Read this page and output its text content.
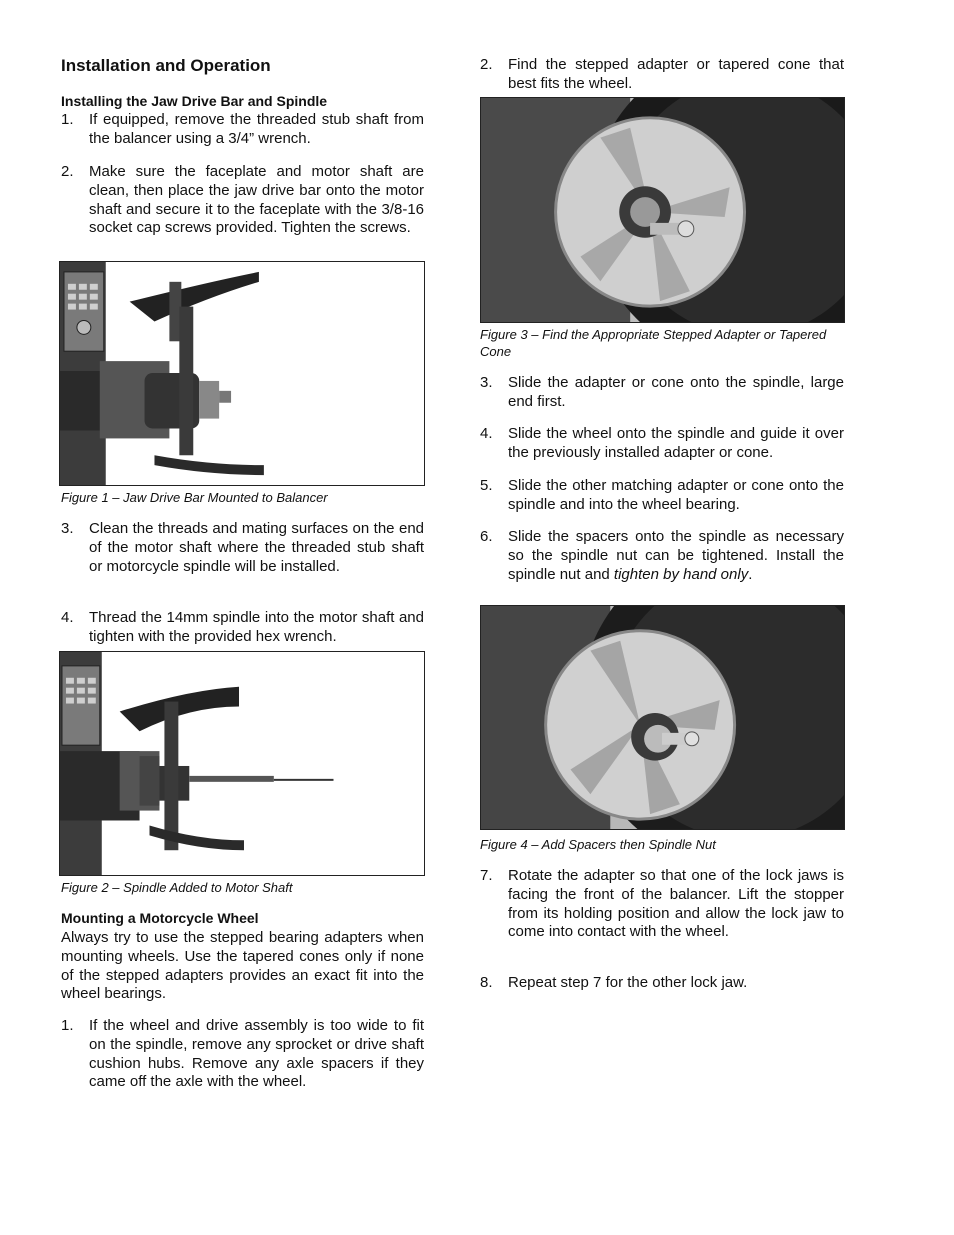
Installation and Operation
Installing the Jaw Drive Bar and Spindle
1. If equipped, remove the threaded stub shaft from the balancer using a 3/4” wrench.
2. Make sure the faceplate and motor shaft are clean, then place the jaw drive bar onto the motor shaft and secure it to the faceplate with the 3/8-16 socket cap screws provided. Tighten the screws.
Figure 1 – Jaw Drive Bar Mounted to Balancer
3. Clean the threads and mating surfaces on the end of the motor shaft where the threaded stub shaft or motorcycle spindle will be installed.
4. Thread the 14mm spindle into the motor shaft and tighten with the provided hex wrench.
Figure 2 – Spindle Added to Motor Shaft
Mounting a Motorcycle Wheel
Always try to use the stepped bearing adapters when mounting wheels. Use the tapered cones only if none of the stepped adapters provides an exact fit into the wheel bearings.
1. If the wheel and drive assembly is too wide to fit on the spindle, remove any sprocket or drive shaft cushion hubs. Remove any axle spacers if they came off the axle with the wheel.
2. Find the stepped adapter or tapered cone that best fits the wheel.
Figure 3 – Find the Appropriate Stepped Adapter or Tapered Cone
3. Slide the adapter or cone onto the spindle, large end first.
4. Slide the wheel onto the spindle and guide it over the previously installed adapter or cone.
5. Slide the other matching adapter or cone onto the spindle and into the wheel bearing.
6. Slide the spacers onto the spindle as necessary so the spindle nut can be tightened. Install the spindle nut and tighten by hand only.
Figure 4 – Add Spacers then Spindle Nut
7. Rotate the adapter so that one of the lock jaws is facing the front of the balancer. Lift the stopper from its holding position and allow the lock jaw to come into contact with the wheel.
8. Repeat step 7 for the other lock jaw.
